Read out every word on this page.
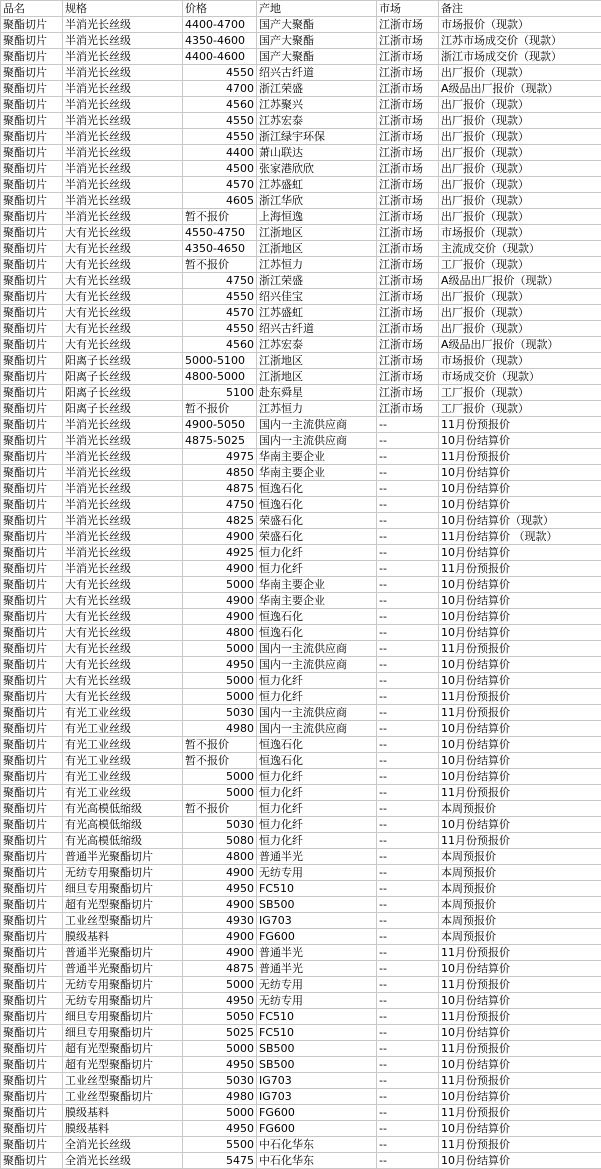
品名	规格	价格	产地	市场	备注
聚酯切片	半消光长丝级	4400-4700	国产大聚酯	江浙市场	市场报价（现款）
聚酯切片	半消光长丝级	4350-4600	国产大聚酯	江浙市场	江苏市场成交价（现款）
聚酯切片	半消光长丝级	4400-4600	国产大聚酯	江浙市场	浙江市场成交价（现款）
聚酯切片	半消光长丝级	4550	绍兴古纤道	江浙市场	出厂报价（现款）
聚酯切片	半消光长丝级	4700	浙江荣盛	江浙市场	A级品出厂报价（现款）
聚酯切片	半消光长丝级	4560	江苏聚兴	江浙市场	出厂报价（现款）
聚酯切片	半消光长丝级	4550	江苏宏泰	江浙市场	出厂报价（现款）
聚酯切片	半消光长丝级	4550	浙江绿宇环保	江浙市场	出厂报价（现款）
聚酯切片	半消光长丝级	4400	萧山联达	江浙市场	出厂报价（现款）
聚酯切片	半消光长丝级	4500	张家港欣欣	江浙市场	出厂报价（现款）
聚酯切片	半消光长丝级	4570	江苏盛虹	江浙市场	出厂报价（现款）
聚酯切片	半消光长丝级	4605	浙江华欣	江浙市场	出厂报价（现款）
聚酯切片	半消光长丝级	暂不报价	上海恒逸	江浙市场	出厂报价（现款）
聚酯切片	大有光长丝级	4550-4750	江浙地区	江浙市场	市场报价（现款）
聚酯切片	大有光长丝级	4350-4650	江浙地区	江浙市场	主流成交价（现款）
聚酯切片	大有光长丝级	暂不报价	江苏恒力	江浙市场	工厂报价（现款）
聚酯切片	大有光长丝级	4750	浙江荣盛	江浙市场	A级品出厂报价（现款）
聚酯切片	大有光长丝级	4550	绍兴佳宝	江浙市场	出厂报价（现款）
聚酯切片	大有光长丝级	4570	江苏盛虹	江浙市场	出厂报价（现款）
聚酯切片	大有光长丝级	4550	绍兴古纤道	江浙市场	出厂报价（现款）
聚酯切片	大有光长丝级	4560	江苏宏泰	江浙市场	A级品出厂报价（现款）
聚酯切片	阳离子长丝级	5000-5100	江浙地区	江浙市场	市场报价（现款）
聚酯切片	阳离子长丝级	4800-5000	江浙地区	江浙市场	市场成交价（现款）
聚酯切片	阳离子长丝级	5100	赴东舜星	江浙市场	工厂报价（现款）
聚酯切片	阳离子长丝级	暂不报价	江苏恒力	江浙市场	工厂报价（现款）
聚酯切片	半消光长丝级	4900-5050	国内一主流供应商	--	11月份预报价
聚酯切片	半消光长丝级	4875-5025	国内一主流供应商	--	10月份结算价
聚酯切片	半消光长丝级	4975	华南主要企业	--	11月份预报价
聚酯切片	半消光长丝级	4850	华南主要企业	--	10月份结算价
聚酯切片	半消光长丝级	4875	恒逸石化	--	10月份结算价
聚酯切片	半消光长丝级	4750	恒逸石化	--	10月份结算价
聚酯切片	半消光长丝级	4825	荣盛石化	--	10月份结算价（现款）
聚酯切片	半消光长丝级	4900	荣盛石化	--	11月份结算价 （现款）
聚酯切片	半消光长丝级	4925	恒力化纤	--	10月份结算价
聚酯切片	半消光长丝级	4900	恒力化纤	--	11月份预报价
聚酯切片	大有光长丝级	5000	华南主要企业	--	10月份结算价
聚酯切片	大有光长丝级	4900	华南主要企业	--	10月份结算价
聚酯切片	大有光长丝级	4900	恒逸石化	--	10月份结算价
聚酯切片	大有光长丝级	4800	恒逸石化	--	10月份结算价
聚酯切片	大有光长丝级	5000	国内一主流供应商	--	11月份预报价
聚酯切片	大有光长丝级	4950	国内一主流供应商	--	10月份结算价
聚酯切片	大有光长丝级	5000	恒力化纤	--	10月份结算价
聚酯切片	大有光长丝级	5000	恒力化纤	--	11月份预报价
聚酯切片	有光工业丝级	5030	国内一主流供应商	--	11月份预报价
聚酯切片	有光工业丝级	4980	国内一主流供应商	--	10月份结算价
聚酯切片	有光工业丝级	暂不报价	恒逸石化	--	10月份结算价
聚酯切片	有光工业丝级	暂不报价	恒逸石化	--	10月份结算价
聚酯切片	有光工业丝级	5000	恒力化纤	--	10月份结算价
聚酯切片	有光工业丝级	5000	恒力化纤	--	11月份预报价
聚酯切片	有光高模低缩级	暂不报价	恒力化纤	--	本周预报价
聚酯切片	有光高模低缩级	5030	恒力化纤	--	10月份结算价
聚酯切片	有光高模低缩级	5080	恒力化纤	--	11月份预报价
聚酯切片	普通半光聚酯切片	4800	普通半光	--	本周预报价
聚酯切片	无纺专用聚酯切片	4900	无纺专用	--	本周预报价
聚酯切片	细旦专用聚酯切片	4950	FC510	--	本周预报价
聚酯切片	超有光型聚酯切片	4900	SB500	--	本周预报价
聚酯切片	工业丝型聚酯切片	4930	IG703	--	本周预报价
聚酯切片	膜级基料	4900	FG600	--	本周预报价
聚酯切片	普通半光聚酯切片	4900	普通半光	--	11月份预报价
聚酯切片	普通半光聚酯切片	4875	普通半光	--	10月份结算价
聚酯切片	无纺专用聚酯切片	5000	无纺专用	--	11月份预报价
聚酯切片	无纺专用聚酯切片	4950	无纺专用	--	10月份结算价
聚酯切片	细旦专用聚酯切片	5050	FC510	--	11月份预报价
聚酯切片	细旦专用聚酯切片	5025	FC510	--	10月份结算价
聚酯切片	超有光型聚酯切片	5000	SB500	--	11月份预报价
聚酯切片	超有光型聚酯切片	4950	SB500	--	10月份结算价
聚酯切片	工业丝型聚酯切片	5030	IG703	--	11月份预报价
聚酯切片	工业丝型聚酯切片	4980	IG703	--	10月份结算价
聚酯切片	膜级基料	5000	FG600	--	11月份预报价
聚酯切片	膜级基料	4950	FG600	--	10月份结算价
聚酯切片	全消光长丝级	5500	中石化华东	--	11月份预报价
聚酯切片	全消光长丝级	5475	中石化华东	--	10月份结算价
